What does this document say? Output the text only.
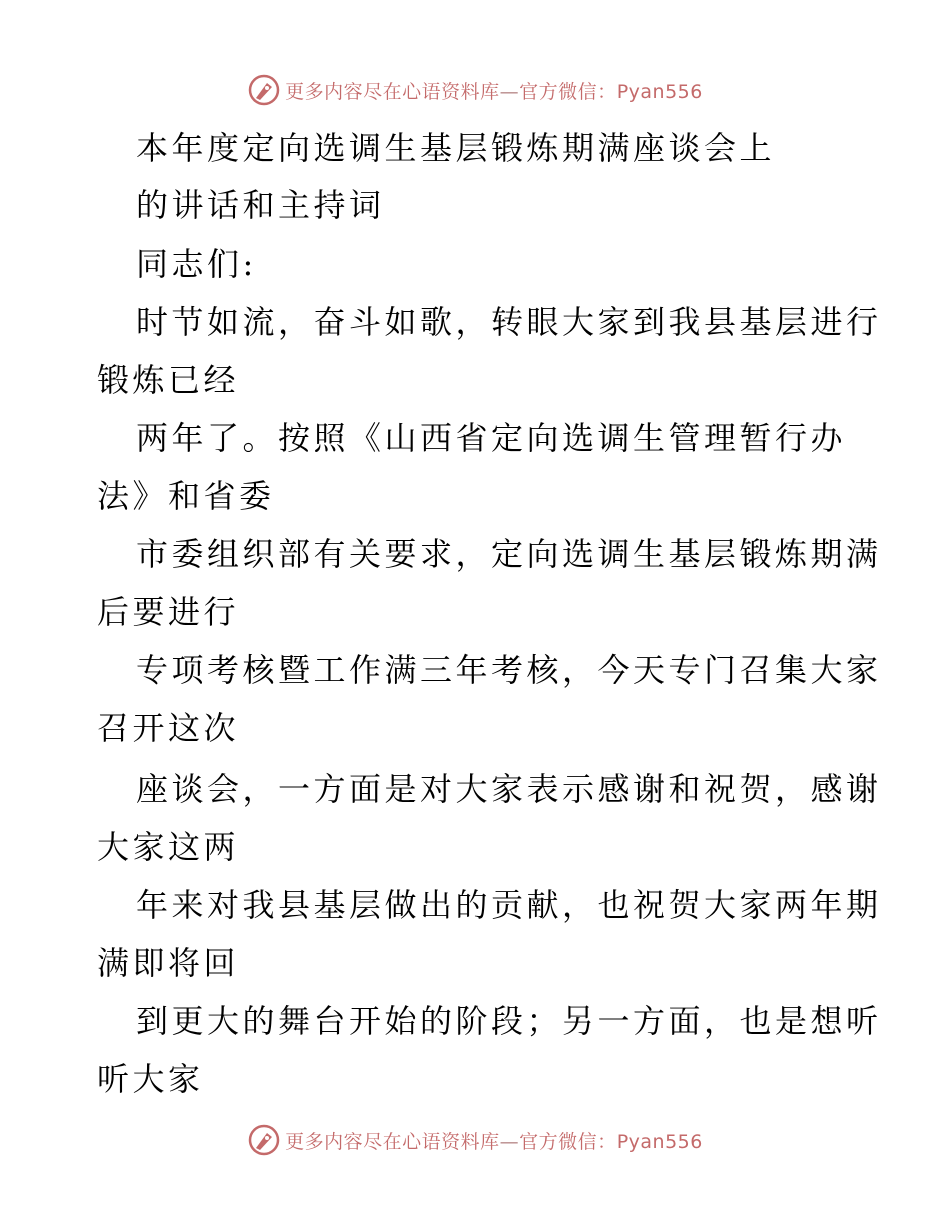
更多内容尽在心语资料库—官方微信：Pyan556
本年度定向选调生基层锻炼期满座谈会上
的讲话和主持词
同志们:
时节如流，奋斗如歌，转眼大家到我县基层进行
锻炼已经
两年了。按照《山西省定向选调生管理暂行办
法》和省委
市委组织部有关要求，定向选调生基层锻炼期满
后要进行
专项考核暨工作满三年考核，今天专门召集大家
召开这次
座谈会，一方面是对大家表示感谢和祝贺，感谢
大家这两
年来对我县基层做出的贡献，也祝贺大家两年期
满即将回
到更大的舞台开始的阶段；另一方面，也是想听
听大家
更多内容尽在心语资料库—官方微信：Pyan556
